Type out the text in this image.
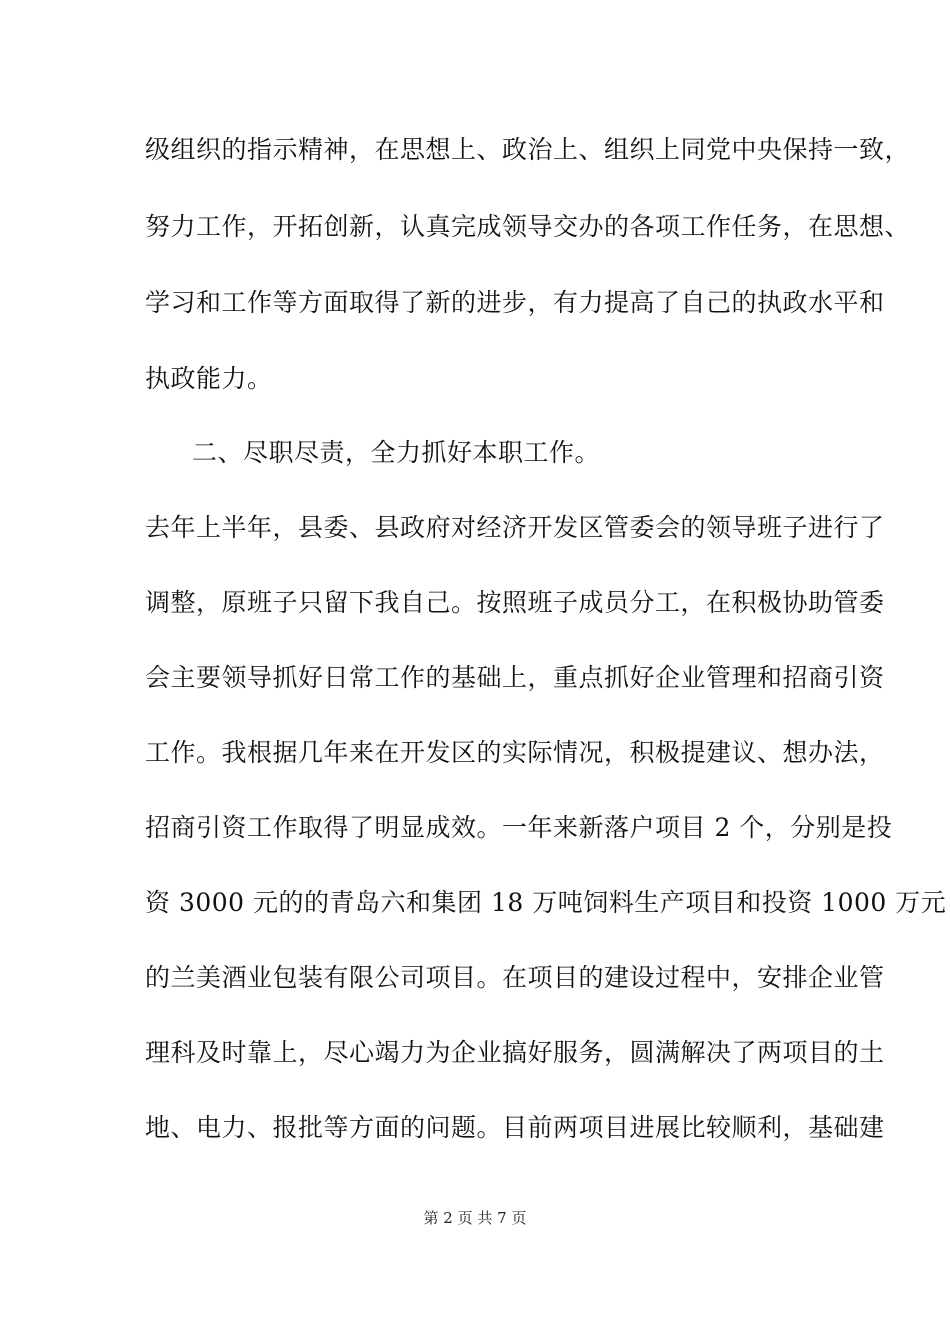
级组织的指示精神，在思想上、政治上、组织上同党中央保持一致，
努力工作，开拓创新，认真完成领导交办的各项工作任务，在思想、
学习和工作等方面取得了新的进步，有力提高了自己的执政水平和
执政能力。
二、尽职尽责，全力抓好本职工作。
去年上半年，县委、县政府对经济开发区管委会的领导班子进行了
调整，原班子只留下我自己。按照班子成员分工，在积极协助管委
会主要领导抓好日常工作的基础上，重点抓好企业管理和招商引资
工作。我根据几年来在开发区的实际情况，积极提建议、想办法，
招商引资工作取得了明显成效。一年来新落户项目 2 个，分别是投
资 3000 元的的青岛六和集团 18 万吨饲料生产项目和投资 1000 万元
的兰美酒业包装有限公司项目。在项目的建设过程中，安排企业管
理科及时靠上，尽心竭力为企业搞好服务，圆满解决了两项目的土
地、电力、报批等方面的问题。目前两项目进展比较顺利，基础建
第 2 页 共 7 页
